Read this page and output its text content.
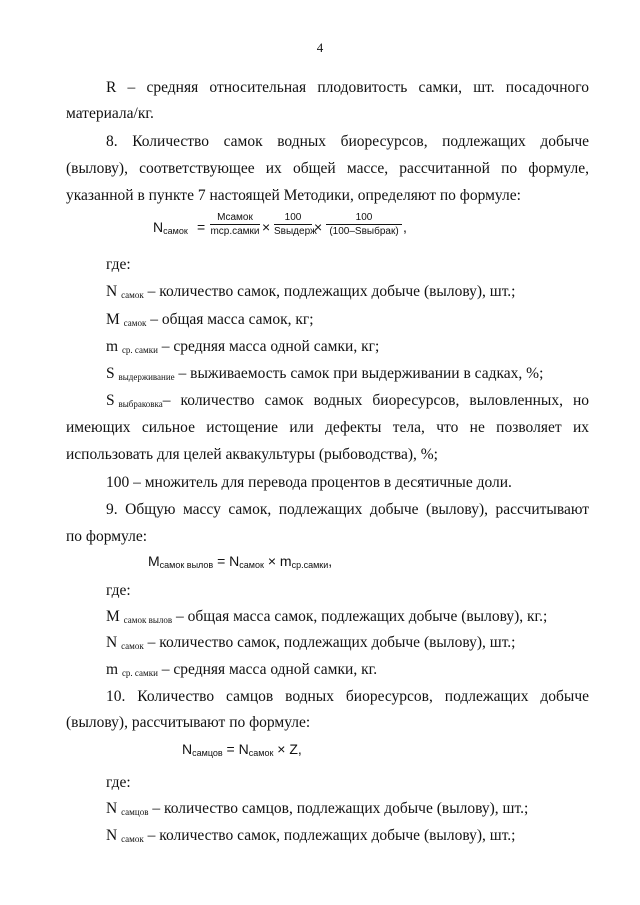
4
R – средняя относительная плодовитость самки, шт. посадочного
материала/кг.
8. Количество самок водных биоресурсов, подлежащих добыче
(вылову), соответствующее их общей массе, рассчитанной по формуле,
указанной в пункте 7 настоящей Методики, определяют по формуле:
$N_{самок}$ =
Mсамок
mср.самки ×
100
Sвыдерж
×
100
(100–Sвыбрак) ,
где:
N $_{самок}$ – количество самок, подлежащих добыче (вылову), шт.;
M $_{самок}$ – общая масса самок, кг;
m $_{ср. самки}$ – средняя масса одной самки, кг;
S $_{выдерживание}$ – выживаемость самок при выдерживании в садках, %;
S $_{выбраковка}$ – количество самок водных биоресурсов, выловленных, но
имеющих сильное истощение или дефекты тела, что не позволяет их
использовать для целей аквакультуры (рыбоводства), %;
100 – множитель для перевода процентов в десятичные доли.
9. Общую массу самок, подлежащих добыче (вылову), рассчитывают
по формуле:
$M_{самок вылов} = N_{самок} \times m_{ср.самки}$,
где:
M $_{самок вылов}$ – общая масса самок, подлежащих добыче (вылову), кг.;
N $_{самок}$ – количество самок, подлежащих добыче (вылову), шт.;
m $_{ср. самки}$ – средняя масса одной самки, кг.
10. Количество самцов водных биоресурсов, подлежащих добыче
(вылову), рассчитывают по формуле:
$N_{самцов} = N_{самок} \times Z$,
где:
N $_{самцов}$ – количество самцов, подлежащих добыче (вылову), шт.;
N $_{самок}$ – количество самок, подлежащих добыче (вылову), шт.;
